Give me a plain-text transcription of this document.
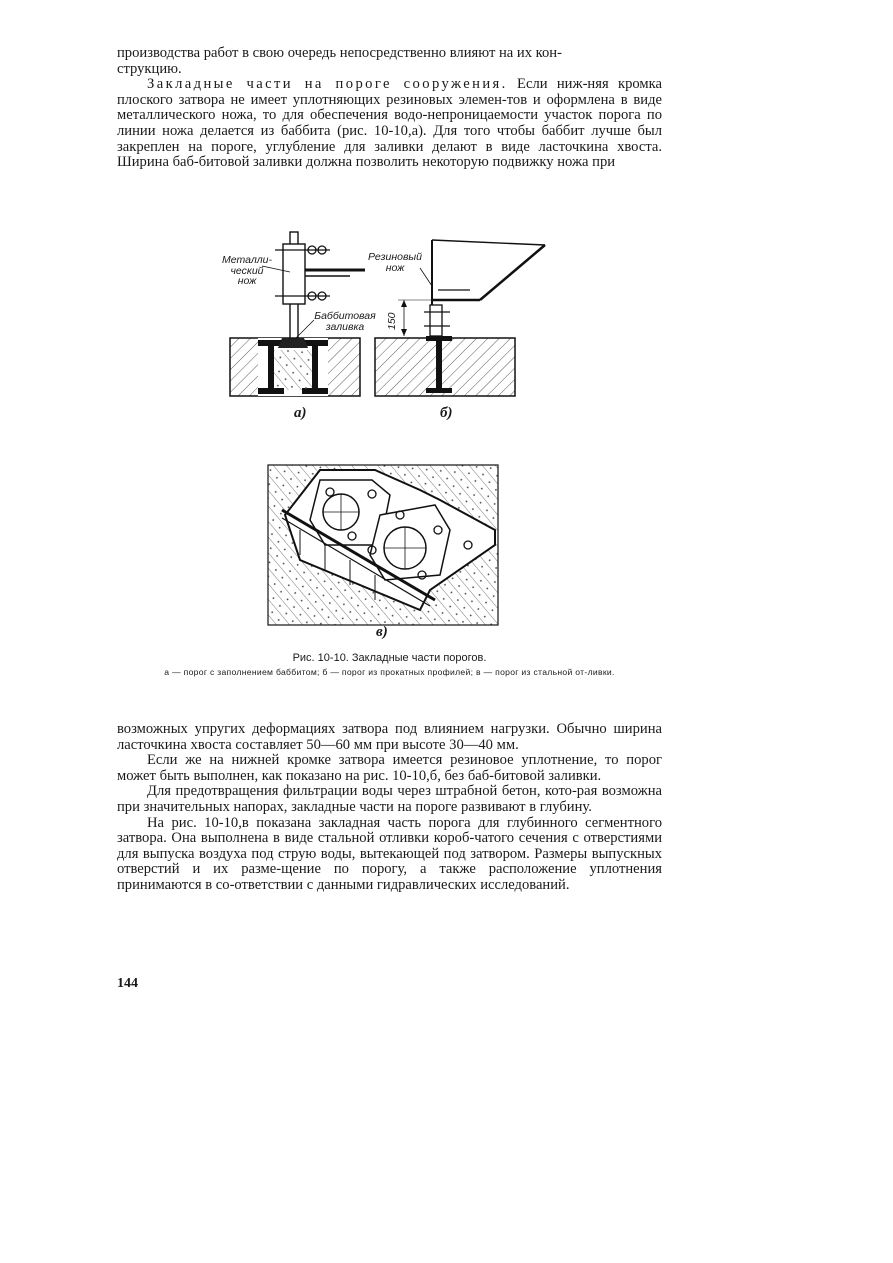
производства работ в свою очередь непосредственно влияют на их кон-
струкцию.

Закладные части на пороге сооружения. Если ниж-няя кромка плоского затвора не имеет уплотняющих резиновых элемен-тов и оформлена в виде металлического ножа, то для обеспечения водо-непроницаемости участок порога по линии ножа делается из баббита (рис. 10-10,а). Для того чтобы баббит лучше был закреплен на пороге, углубление для заливки делают в виде ласточкина хвоста. Ширина баб-битовой заливки должна позволить некоторую подвижку ножа при

Металли-ческий нож
Резиновый нож
Баббитовая заливка	150
а)	б)
в)
Рис. 10-10. Закладные части порогов.
а — порог с заполнением баббитом; б — порог из прокатных профилей; в — порог из стальной от-ливки.

возможных упругих деформациях затвора под влиянием нагрузки. Обычно ширина ласточкина хвоста составляет 50—60 мм при высоте 30—40 мм.

Если же на нижней кромке затвора имеется резиновое уплотнение, то порог может быть выполнен, как показано на рис. 10-10,б, без баб-битовой заливки.

Для предотвращения фильтрации воды через штрабной бетон, кото-рая возможна при значительных напорах, закладные части на пороге развивают в глубину.

На рис. 10-10,в показана закладная часть порога для глубинного сегментного затвора. Она выполнена в виде стальной отливки короб-чатого сечения с отверстиями для выпуска воздуха под струю воды, вытекающей под затвором. Размеры выпускных отверстий и их разме-щение по порогу, а также расположение уплотнения принимаются в со-ответствии с данными гидравлических исследований.

144
